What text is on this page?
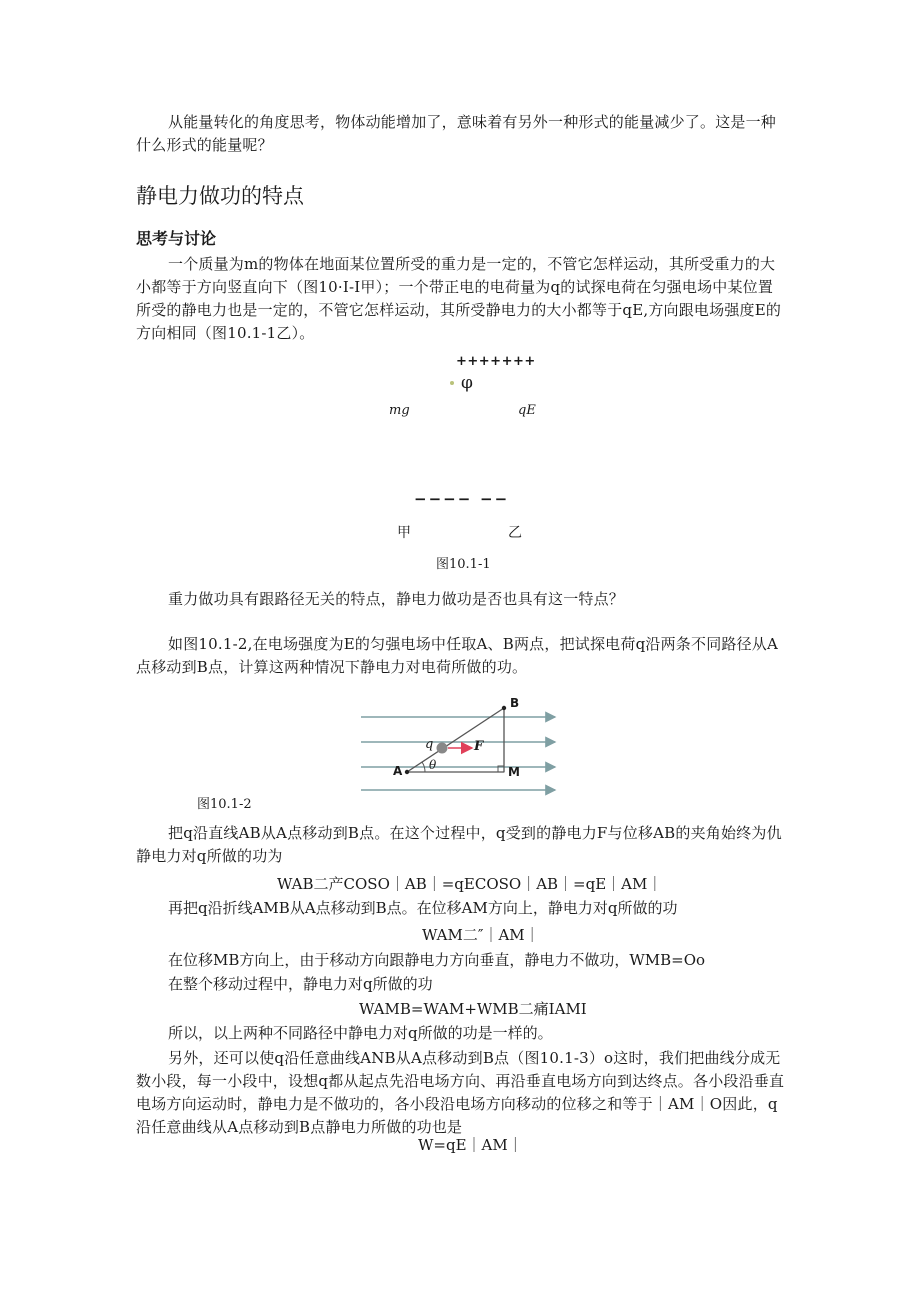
从能量转化的角度思考，物体动能增加了，意味着有另外一种形式的能量减少了。这是一种什么形式的能量呢？

静电力做功的特点
思考与讨论

一个质量为m的物体在地面某位置所受的重力是一定的，不管它怎样运动，其所受重力的大小都等于方向竖直向下（图10·I-I甲）；一个带正电的电荷量为q的试探电荷在匀强电场中某位置所受的静电力也是一定的，不管它怎样运动，其所受静电力的大小都等于qE,方向跟电场强度E的方向相同（图10.1-1乙）。

+++++++
φ
mg	qE
−−−− −−
甲	乙
图10.1-1

重力做功具有跟路径无关的特点，静电力做功是否也具有这一特点？

如图10.1-2,在电场强度为E的匀强电场中任取A、B两点，把试探电荷q沿两条不同路径从A点移动到B点，计算这两种情况下静电力对电荷所做的功。

B
A	M
q	F
θ
图10.1-2

把q沿直线AB从A点移动到B点。在这个过程中，q受到的静电力F与位移AB的夹角始终为仇静电力对q所做的功为

WAB二产COSO｜AB｜=qECOSO｜AB｜=qE｜AM｜
再把q沿折线AMB从A点移动到B点。在位移AM方向上，静电力对q所做的功
WAM二″｜AM｜
在位移MB方向上，由于移动方向跟静电力方向垂直，静电力不做功，WMB=Oo
在整个移动过程中，静电力对q所做的功
WAMB=WAM+WMB二痛IAMI
所以，以上两种不同路径中静电力对q所做的功是一样的。

另外，还可以使q沿任意曲线ANB从A点移动到B点（图10.1-3）o这时，我们把曲线分成无数小段，每一小段中，设想q都从起点先沿电场方向、再沿垂直电场方向到达终点。各小段沿垂直电场方向运动时，静电力是不做功的，各小段沿电场方向移动的位移之和等于｜AM｜O因此，q沿任意曲线从A点移动到B点静电力所做的功也是

W=qE｜AM｜
